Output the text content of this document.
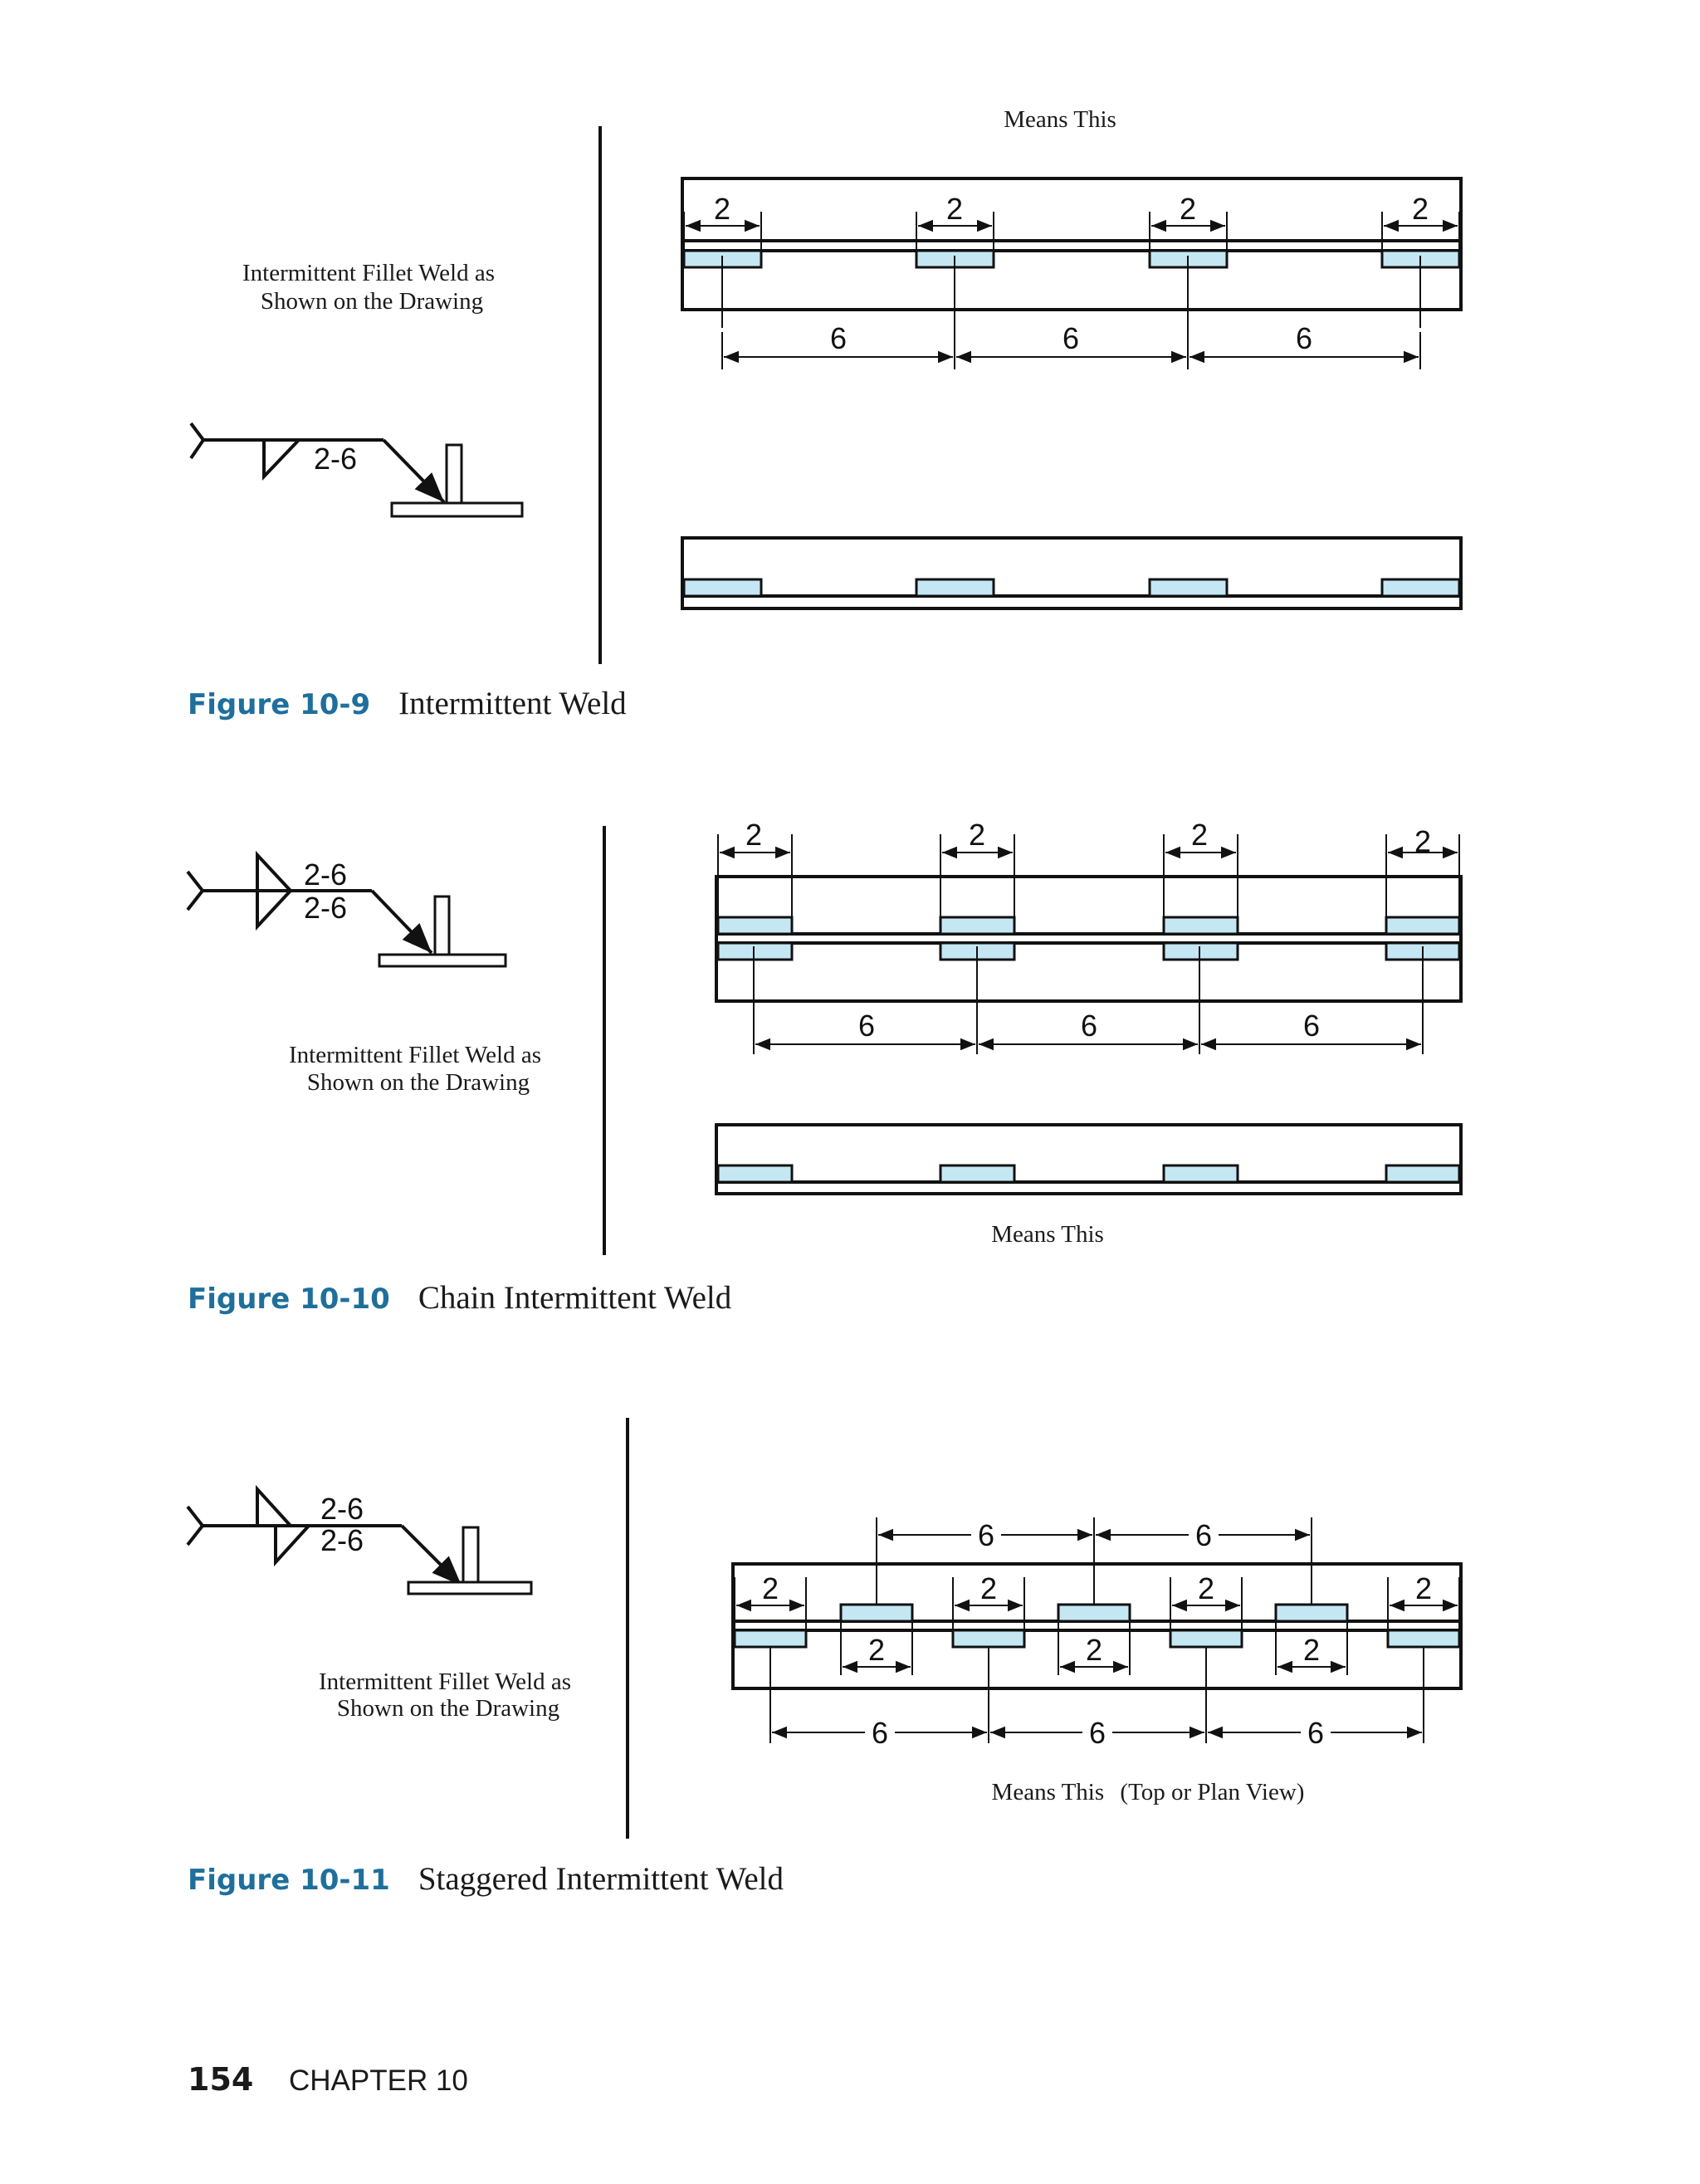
Intermittent Fillet Weld as
Shown on the Drawing
2-6
Means This
2	2	2	2
6	6	6
Figure 10-9 Intermittent Weld
2-6
2-6
Intermittent Fillet Weld as
Shown on the Drawing
2	2	2	2
6	6	6
Means This
Figure 10-10 Chain Intermittent Weld
2-6
2-6
Intermittent Fillet Weld as
Shown on the Drawing
2	2	2	2
2	2	2
6	6
6	6	6
Means This (Top or Plan View)
Figure 10-11 Staggered Intermittent Weld
154 CHAPTER 10
